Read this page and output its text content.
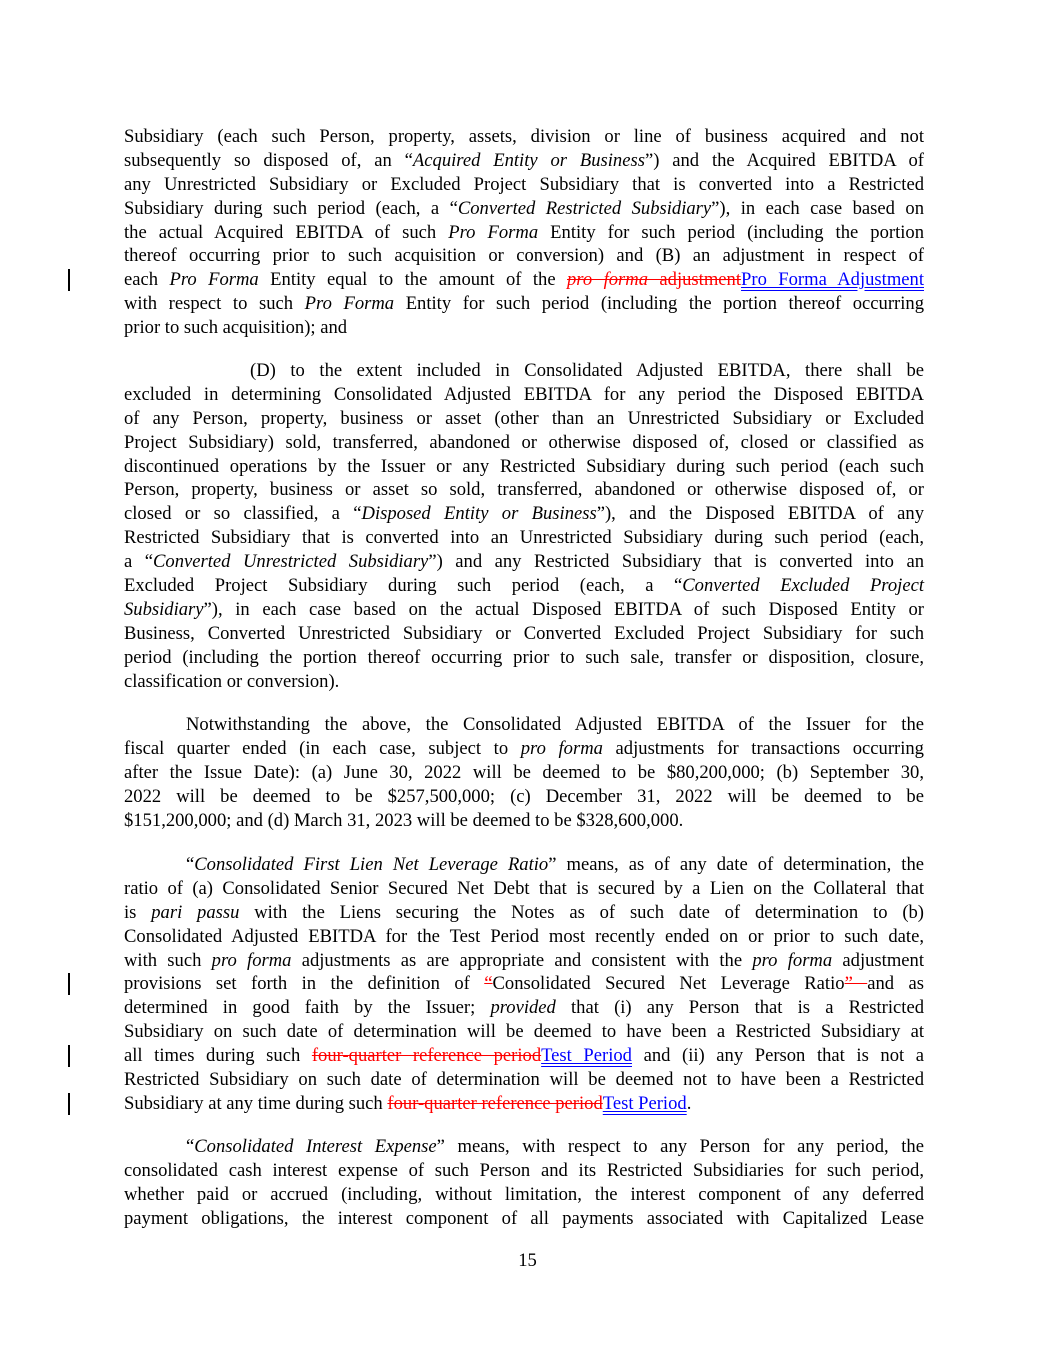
Subsidiary (each such Person, property, assets, division or line of business acquired and not
subsequently so disposed of, an “Acquired Entity or Business”) and the Acquired EBITDA of
any Unrestricted Subsidiary or Excluded Project Subsidiary that is converted into a Restricted
Subsidiary during such period (each, a “Converted Restricted Subsidiary”), in each case based on
the actual Acquired EBITDA of such Pro Forma Entity for such period (including the portion
thereof occurring prior to such acquisition or conversion) and (B) an adjustment in respect of
each Pro Forma Entity equal to the amount of the pro forma adjustmentPro Forma Adjustment
with respect to such Pro Forma Entity for such period (including the portion thereof occurring
prior to such acquisition); and
(D) to the extent included in Consolidated Adjusted EBITDA, there shall be
excluded in determining Consolidated Adjusted EBITDA for any period the Disposed EBITDA
of any Person, property, business or asset (other than an Unrestricted Subsidiary or Excluded
Project Subsidiary) sold, transferred, abandoned or otherwise disposed of, closed or classified as
discontinued operations by the Issuer or any Restricted Subsidiary during such period (each such
Person, property, business or asset so sold, transferred, abandoned or otherwise disposed of, or
closed or so classified, a “Disposed Entity or Business”), and the Disposed EBITDA of any
Restricted Subsidiary that is converted into an Unrestricted Subsidiary during such period (each,
a “Converted Unrestricted Subsidiary”) and any Restricted Subsidiary that is converted into an
Excluded Project Subsidiary during such period (each, a “Converted Excluded Project
Subsidiary”), in each case based on the actual Disposed EBITDA of such Disposed Entity or
Business, Converted Unrestricted Subsidiary or Converted Excluded Project Subsidiary for such
period (including the portion thereof occurring prior to such sale, transfer or disposition, closure,
classification or conversion).
Notwithstanding the above, the Consolidated Adjusted EBITDA of the Issuer for the
fiscal quarter ended (in each case, subject to pro forma adjustments for transactions occurring
after the Issue Date): (a) June 30, 2022 will be deemed to be $80,200,000; (b) September 30,
2022 will be deemed to be $257,500,000; (c) December 31, 2022 will be deemed to be
$151,200,000; and (d) March 31, 2023 will be deemed to be $328,600,000.
“Consolidated First Lien Net Leverage Ratio” means, as of any date of determination, the
ratio of (a) Consolidated Senior Secured Net Debt that is secured by a Lien on the Collateral that
is pari passu with the Liens securing the Notes as of such date of determination to (b)
Consolidated Adjusted EBITDA for the Test Period most recently ended on or prior to such date,
with such pro forma adjustments as are appropriate and consistent with the pro forma adjustment
provisions set forth in the definition of “Consolidated Secured Net Leverage Ratio” and as
determined in good faith by the Issuer; provided that (i) any Person that is a Restricted
Subsidiary on such date of determination will be deemed to have been a Restricted Subsidiary at
all times during such four-quarter reference periodTest Period and (ii) any Person that is not a
Restricted Subsidiary on such date of determination will be deemed not to have been a Restricted
Subsidiary at any time during such four-quarter reference periodTest Period.
“Consolidated Interest Expense” means, with respect to any Person for any period, the
consolidated cash interest expense of such Person and its Restricted Subsidiaries for such period,
whether paid or accrued (including, without limitation, the interest component of any deferred
payment obligations, the interest component of all payments associated with Capitalized Lease
15
